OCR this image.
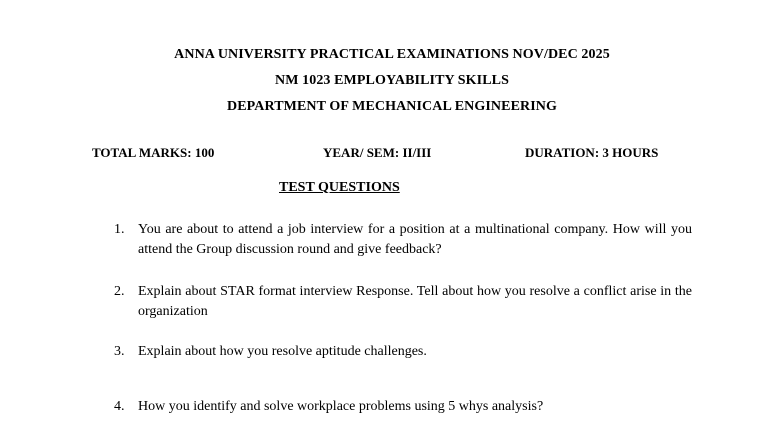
ANNA UNIVERSITY PRACTICAL EXAMINATIONS NOV/DEC 2025
NM 1023 EMPLOYABILITY SKILLS
DEPARTMENT OF MECHANICAL ENGINEERING
TOTAL MARKS: 100	YEAR/ SEM: II/III	DURATION: 3 HOURS
TEST QUESTIONS
1. You are about to attend a job interview for a position at a multinational company. How will you attend the Group discussion round and give feedback?
2. Explain about STAR format interview Response. Tell about how you resolve a conflict arise in the organization
3. Explain about how you resolve aptitude challenges.
4. How you identify and solve workplace problems using 5 whys analysis?
